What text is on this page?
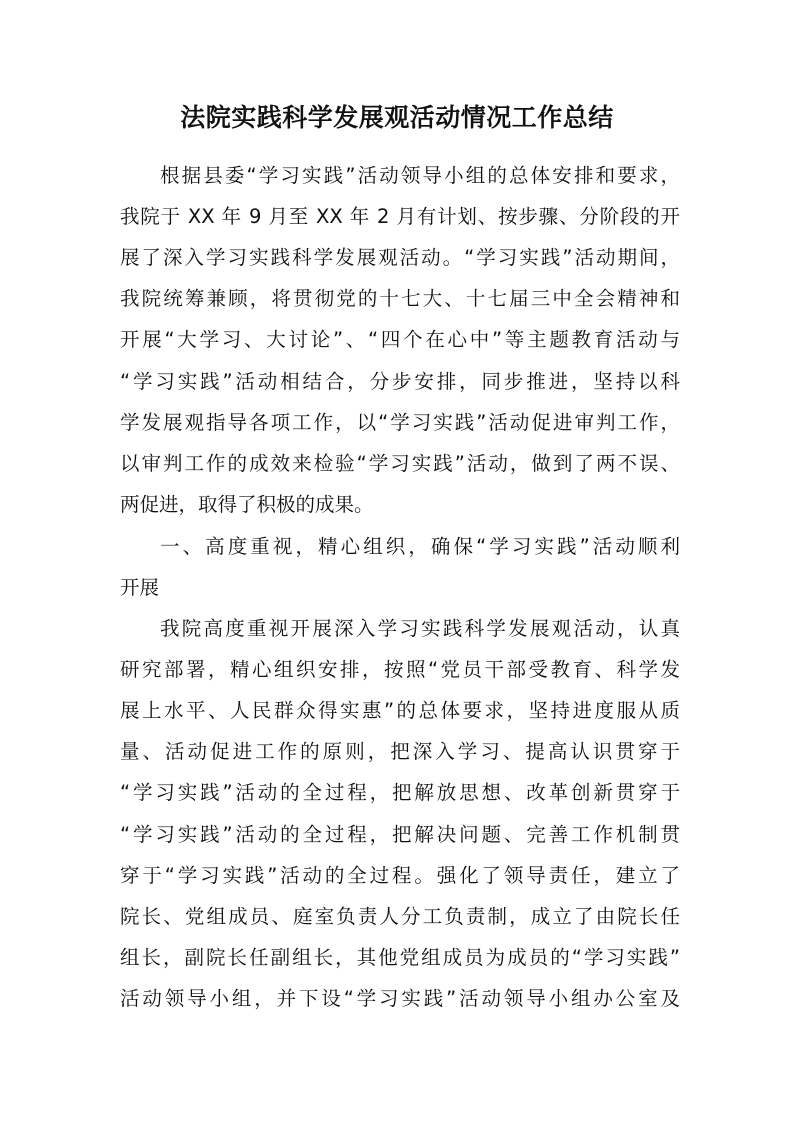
法院实践科学发展观活动情况工作总结
根据县委“学习实践”活动领导小组的总体安排和要求，
我院于 XX 年 9 月至 XX 年 2 月有计划、按步骤、分阶段的开
展了深入学习实践科学发展观活动。“学习实践”活动期间，
我院统筹兼顾，将贯彻党的十七大、十七届三中全会精神和
开展“大学习、大讨论”、“四个在心中”等主题教育活动与
“学习实践”活动相结合，分步安排，同步推进，坚持以科
学发展观指导各项工作，以“学习实践”活动促进审判工作，
以审判工作的成效来检验“学习实践”活动，做到了两不误、
两促进，取得了积极的成果。
一、高度重视，精心组织，确保“学习实践”活动顺利
开展
我院高度重视开展深入学习实践科学发展观活动，认真
研究部署，精心组织安排，按照“党员干部受教育、科学发
展上水平、人民群众得实惠”的总体要求，坚持进度服从质
量、活动促进工作的原则，把深入学习、提高认识贯穿于
“学习实践”活动的全过程，把解放思想、改革创新贯穿于
“学习实践”活动的全过程，把解决问题、完善工作机制贯
穿于“学习实践”活动的全过程。强化了领导责任，建立了
院长、党组成员、庭室负责人分工负责制，成立了由院长任
组长，副院长任副组长，其他党组成员为成员的“学习实践”
活动领导小组，并下设“学习实践”活动领导小组办公室及
